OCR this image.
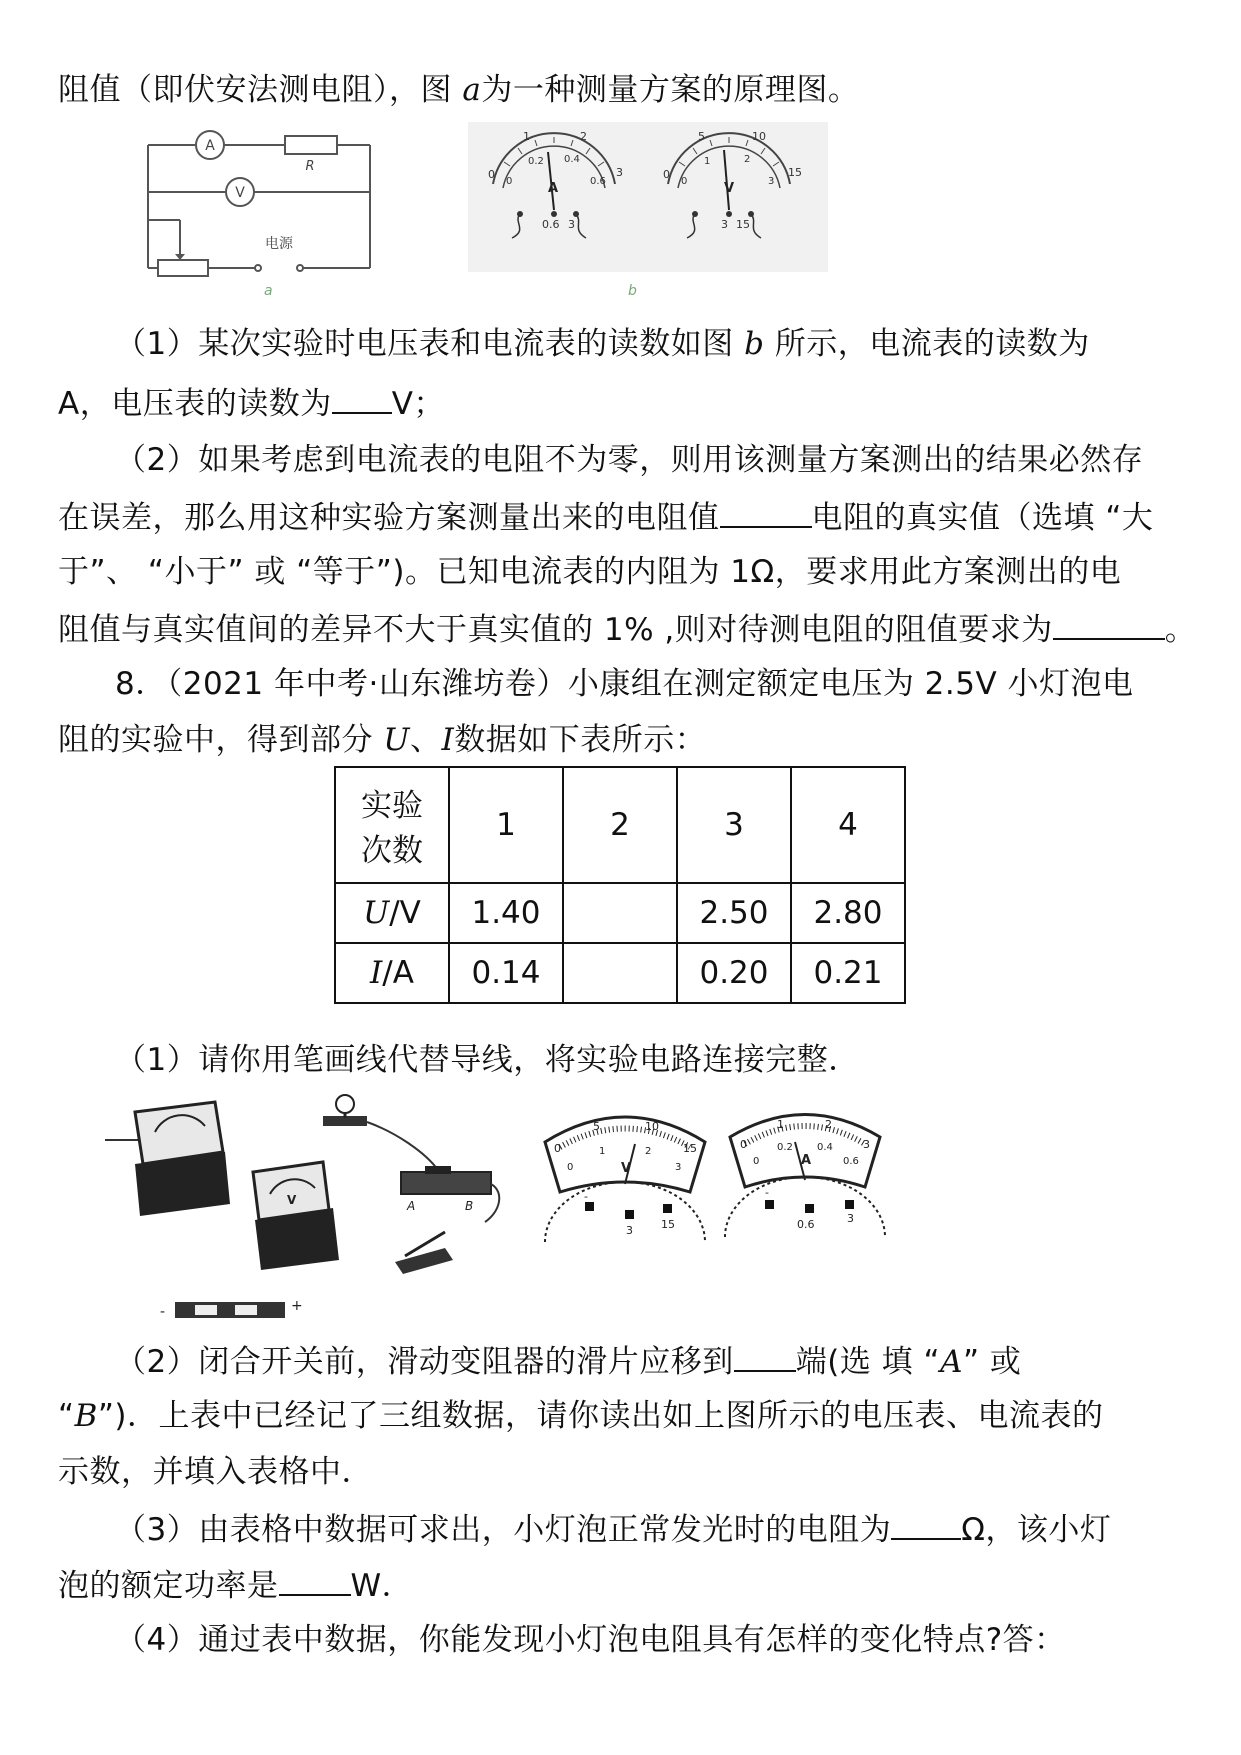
阻值（即伏安法测电阻），图 a为一种测量方案的原理图。
A
V
R
电源
a
0
1	2
3
0
0.2 0.4
0.6
A
0.6 3
0
5	10
15
0
1	2
3
V
3 15
b
（1）某次实验时电压表和电流表的读数如图 b 所示，电流表的读数为
A，电压表的读数为 V；
（2）如果考虑到电流表的电阻不为零，则用该测量方案测出的结果必然存
在误差，那么用这种实验方案测量出来的电阻值	电阻的真实值（选填 “大
于”、 “小于” 或 “等于”)。已知电流表的内阻为 1Ω，要求用此方案测出的电
阻值与真实值间的差异不大于真实值的 1% ,则对待测电阻的阻值要求为	。
8．（2021 年中考·山东潍坊卷）小康组在测定额定电压为 2.5V 小灯泡电
阻的实验中，得到部分 U、I数据如下表所示：
实验
次数	1	2	3	4
U/V	1.40		2.50	2.80
I/A	0.14		0.20	0.21
（1）请你用笔画线代替导线，将实验电路连接完整．
V	A	B
-	+
0
5	10
15
0
1	2
3
V
-
3	15
0
1	2
3
0
0.2 0.4
0.6
A
-
0.6	3
（2）闭合开关前，滑动变阻器的滑片应移到 端(选 填 “A” 或
“B”)．上表中已经记了三组数据，请你读出如上图所示的电压表、电流表的
示数，并填入表格中．
（3）由表格中数据可求出，小灯泡正常发光时的电阻为 Ω，该小灯
泡的额定功率是 W．
（4）通过表中数据，你能发现小灯泡电阻具有怎样的变化特点?答：
